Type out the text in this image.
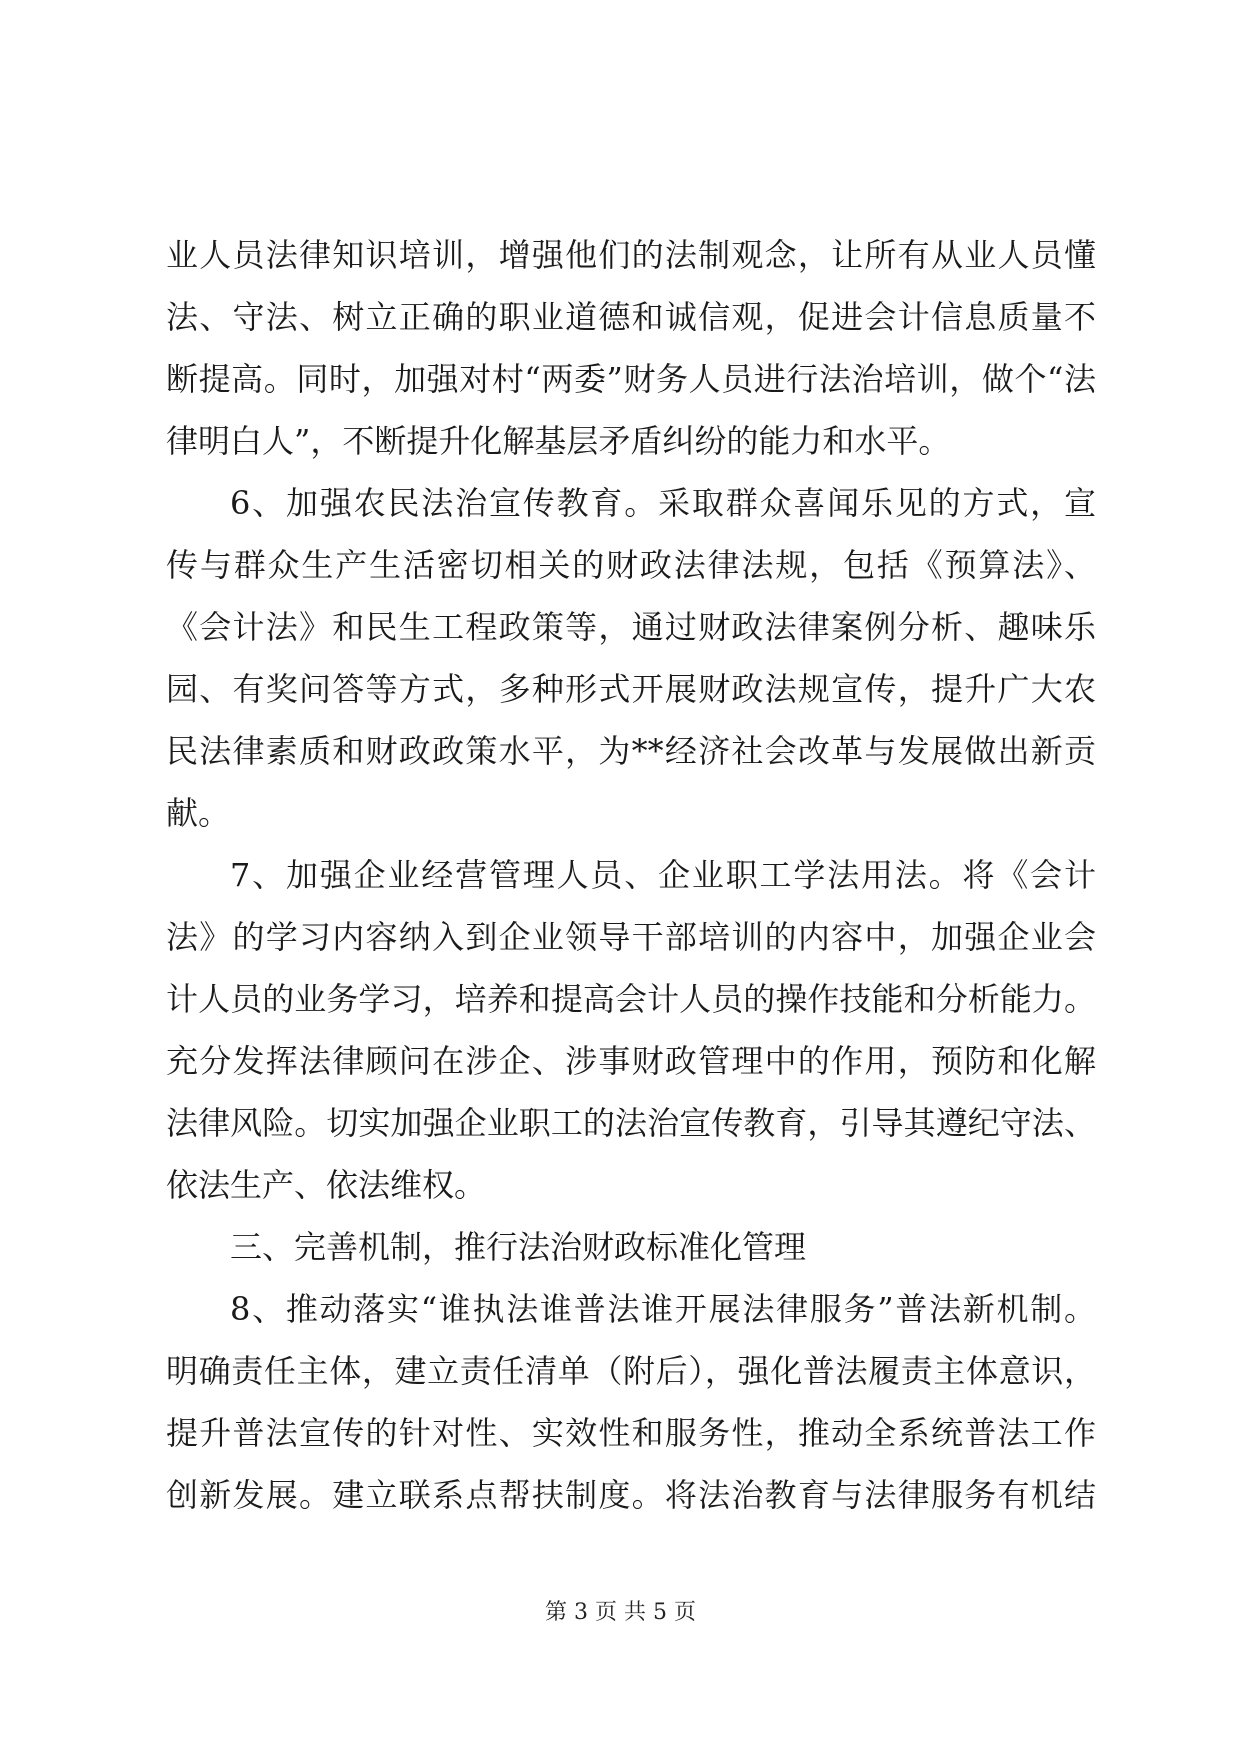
业人员法律知识培训，增强他们的法制观念，让所有从业人员懂
法、守法、树立正确的职业道德和诚信观，促进会计信息质量不
断提高。同时，加强对村“两委”财务人员进行法治培训，做个“法
律明白人”，不断提升化解基层矛盾纠纷的能力和水平。
6、加强农民法治宣传教育。采取群众喜闻乐见的方式，宣
传与群众生产生活密切相关的财政法律法规，包括《预算法》、
《会计法》和民生工程政策等，通过财政法律案例分析、趣味乐
园、有奖问答等方式，多种形式开展财政法规宣传，提升广大农
民法律素质和财政政策水平，为**经济社会改革与发展做出新贡
献。
7、加强企业经营管理人员、企业职工学法用法。将《会计
法》的学习内容纳入到企业领导干部培训的内容中，加强企业会
计人员的业务学习，培养和提高会计人员的操作技能和分析能力。
充分发挥法律顾问在涉企、涉事财政管理中的作用，预防和化解
法律风险。切实加强企业职工的法治宣传教育，引导其遵纪守法、
依法生产、依法维权。
三、完善机制，推行法治财政标准化管理
8、推动落实“谁执法谁普法谁开展法律服务”普法新机制。
明确责任主体，建立责任清单（附后），强化普法履责主体意识，
提升普法宣传的针对性、实效性和服务性，推动全系统普法工作
创新发展。建立联系点帮扶制度。将法治教育与法律服务有机结
第 3 页 共 5 页
